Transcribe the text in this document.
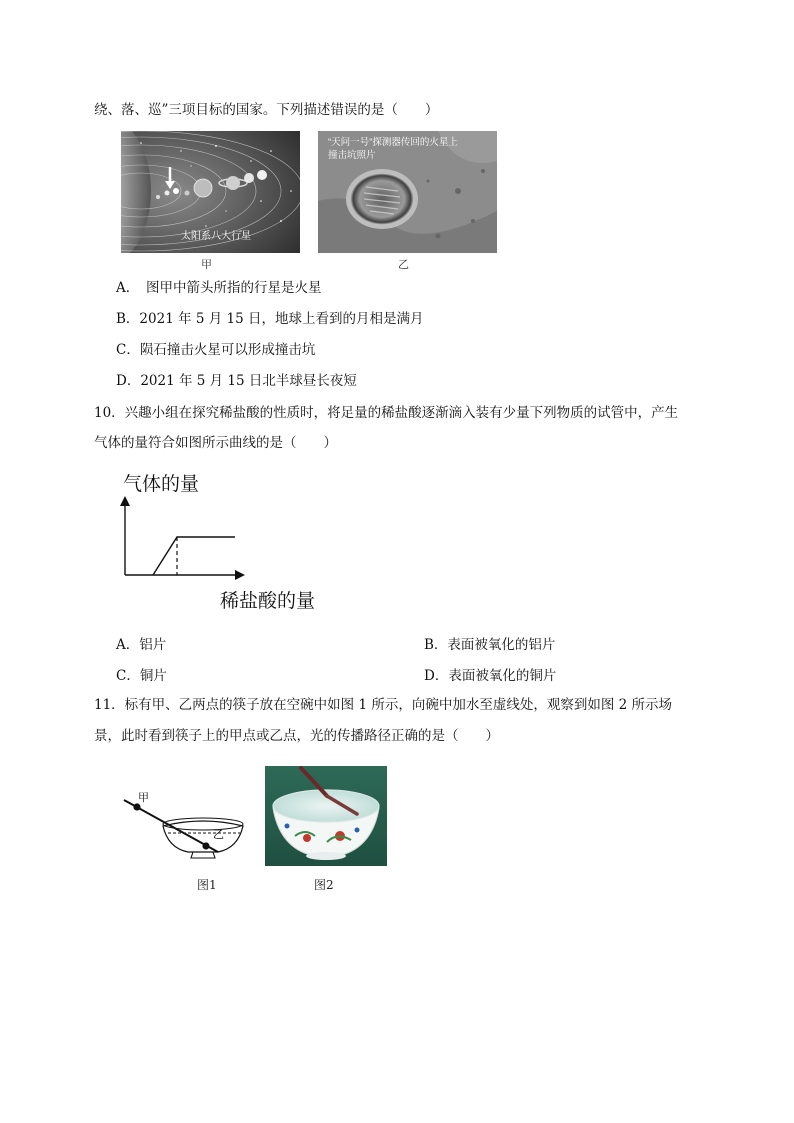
绕、落、巡”三项目标的国家。下列描述错误的是（　　）
太阳系八大行星
甲
“天问一号”探测器传回的火星上
撞击坑照片
乙
A．　图甲中箭头所指的行星是火星
B．2021 年 5 月 15 日，地球上看到的月相是满月
C．陨石撞击火星可以形成撞击坑
D．2021 年 5 月 15 日北半球昼长夜短
10．兴趣小组在探究稀盐酸的性质时，将足量的稀盐酸逐渐滴入装有少量下列物质的试管中，产生
气体的量符合如图所示曲线的是（　　）
气体的量
稀盐酸的量
A．铝片	B．表面被氧化的铝片
C．铜片	D．表面被氧化的铜片
11．标有甲、乙两点的筷子放在空碗中如图 1 所示，向碗中加水至虚线处，观察到如图 2 所示场
景，此时看到筷子上的甲点或乙点，光的传播路径正确的是（　　）
甲
乙
图1	图2
